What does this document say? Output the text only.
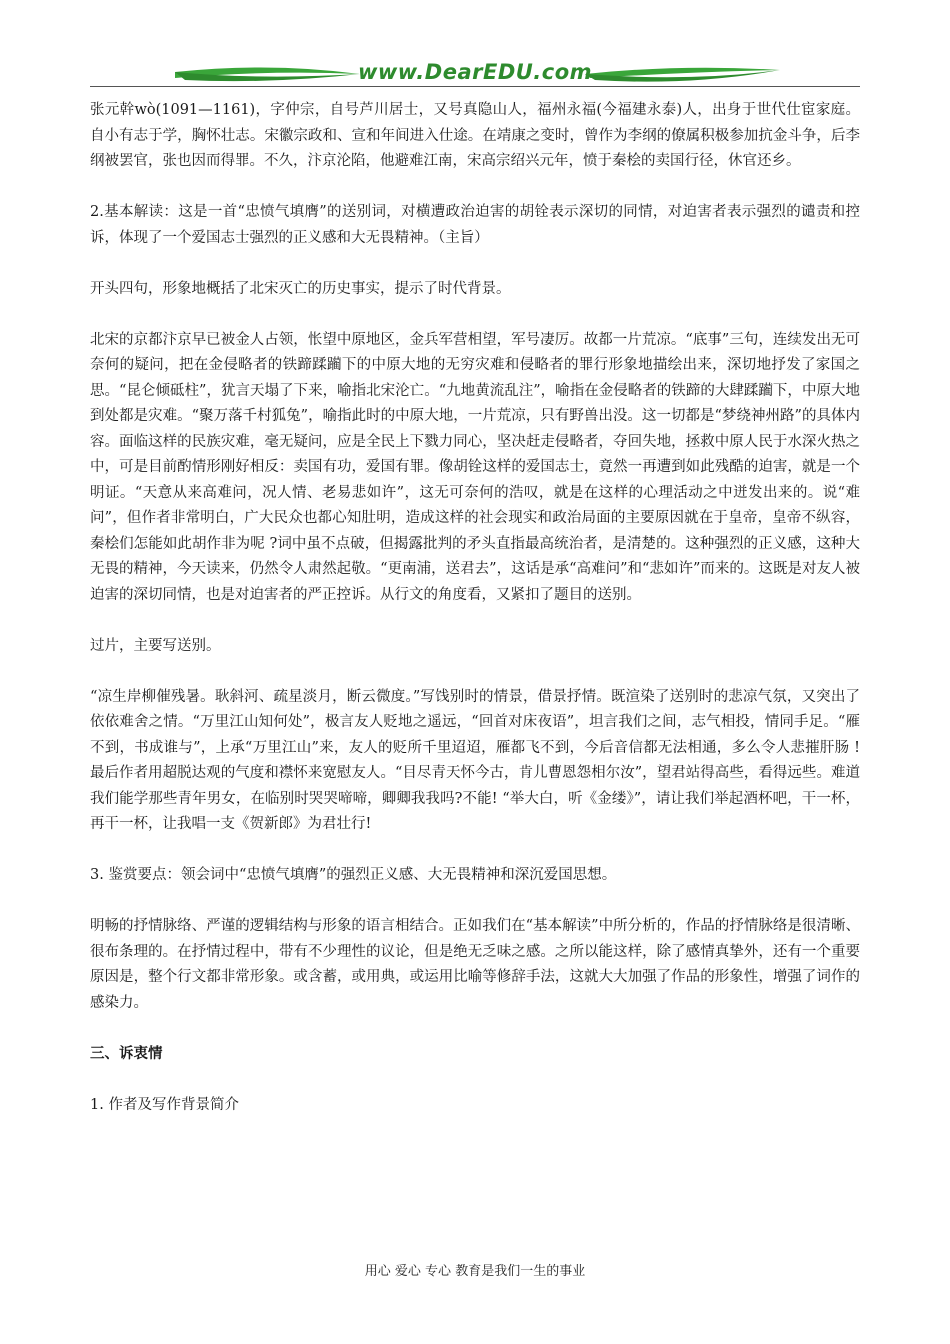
www.DearEDU.com

张元幹wò(1091—1161)，字仲宗，自号芦川居士，又号真隐山人，福州永福(今福建永泰)人，出身于世代仕宦家庭。自小有志于学，胸怀壮志。宋徽宗政和、宣和年间进入仕途。在靖康之变时，曾作为李纲的僚属积极参加抗金斗争，后李纲被罢官，张也因而得罪。不久，汴京沦陷，他避难江南，宋高宗绍兴元年，愤于秦桧的卖国行径，休官还乡。

2.基本解读：这是一首“忠愤气填膺”的送别词，对横遭政治迫害的胡铨表示深切的同情，对迫害者表示强烈的谴责和控诉，体现了一个爱国志士强烈的正义感和大无畏精神。（主旨）

开头四句，形象地概括了北宋灭亡的历史事实，提示了时代背景。

北宋的京都汴京早已被金人占领，怅望中原地区，金兵军营相望，军号凄厉。故都一片荒凉。“底事”三句，连续发出无可奈何的疑问，把在金侵略者的铁蹄蹂躏下的中原大地的无穷灾难和侵略者的罪行形象地描绘出来，深切地抒发了家国之思。“昆仑倾砥柱”，犹言天塌了下来，喻指北宋沦亡。“九地黄流乱注”，喻指在金侵略者的铁蹄的大肆蹂躏下，中原大地到处都是灾难。“聚万落千村狐兔”，喻指此时的中原大地，一片荒凉，只有野兽出没。这一切都是“梦绕神州路”的具体内容。面临这样的民族灾难，毫无疑问，应是全民上下戮力同心，坚决赶走侵略者，夺回失地，拯救中原人民于水深火热之中，可是目前酌情形刚好相反：卖国有功，爱国有罪。像胡铨这样的爱国志士，竟然一再遭到如此残酷的迫害，就是一个明证。“天意从来高难问，况人情、老易悲如许”，这无可奈何的浩叹，就是在这样的心理活动之中迸发出来的。说“难问”，但作者非常明白，广大民众也都心知肚明，造成这样的社会现实和政治局面的主要原因就在于皇帝，皇帝不纵容，秦桧们怎能如此胡作非为呢 ?词中虽不点破，但揭露批判的矛头直指最高统治者，是清楚的。这种强烈的正义感，这种大无畏的精神，今天读来，仍然令人肃然起敬。“更南浦，送君去”，这话是承“高难问”和“悲如许”而来的。这既是对友人被迫害的深切同情，也是对迫害者的严正控诉。从行文的角度看，又紧扣了题目的送别。

过片，主要写送别。

“凉生岸柳催残暑。耿斜河、疏星淡月，断云微度。”写饯别时的情景，借景抒情。既渲染了送别时的悲凉气氛，又突出了依依难舍之情。“万里江山知何处”，极言友人贬地之遥远，“回首对床夜语”，坦言我们之间，志气相投，情同手足。“雁不到，书成谁与”，上承“万里江山”来，友人的贬所千里迢迢，雁都飞不到，今后音信都无法相通，多么令人悲摧肝肠 !最后作者用超脱达观的气度和襟怀来宽慰友人。“目尽青天怀今古，肯儿曹恩怨相尔汝”，望君站得高些，看得远些。难道我们能学那些青年男女，在临别时哭哭啼啼，卿卿我我吗?不能! “举大白，听《金缕》”，请让我们举起酒杯吧，干一杯，再干一杯，让我唱一支《贺新郎》为君壮行!

3. 鉴赏要点：领会词中“忠愤气填膺”的强烈正义感、大无畏精神和深沉爱国思想。

明畅的抒情脉络、严谨的逻辑结构与形象的语言相结合。正如我们在“基本解读”中所分析的，作品的抒情脉络是很清晰、很布条理的。在抒情过程中，带有不少理性的议论，但是绝无乏味之感。之所以能这样，除了感情真挚外，还有一个重要原因是，整个行文都非常形象。或含蓄，或用典，或运用比喻等修辞手法，这就大大加强了作品的形象性，增强了词作的感染力。

三、诉衷情

1. 作者及写作背景简介

用心 爱心 专心 教育是我们一生的事业
